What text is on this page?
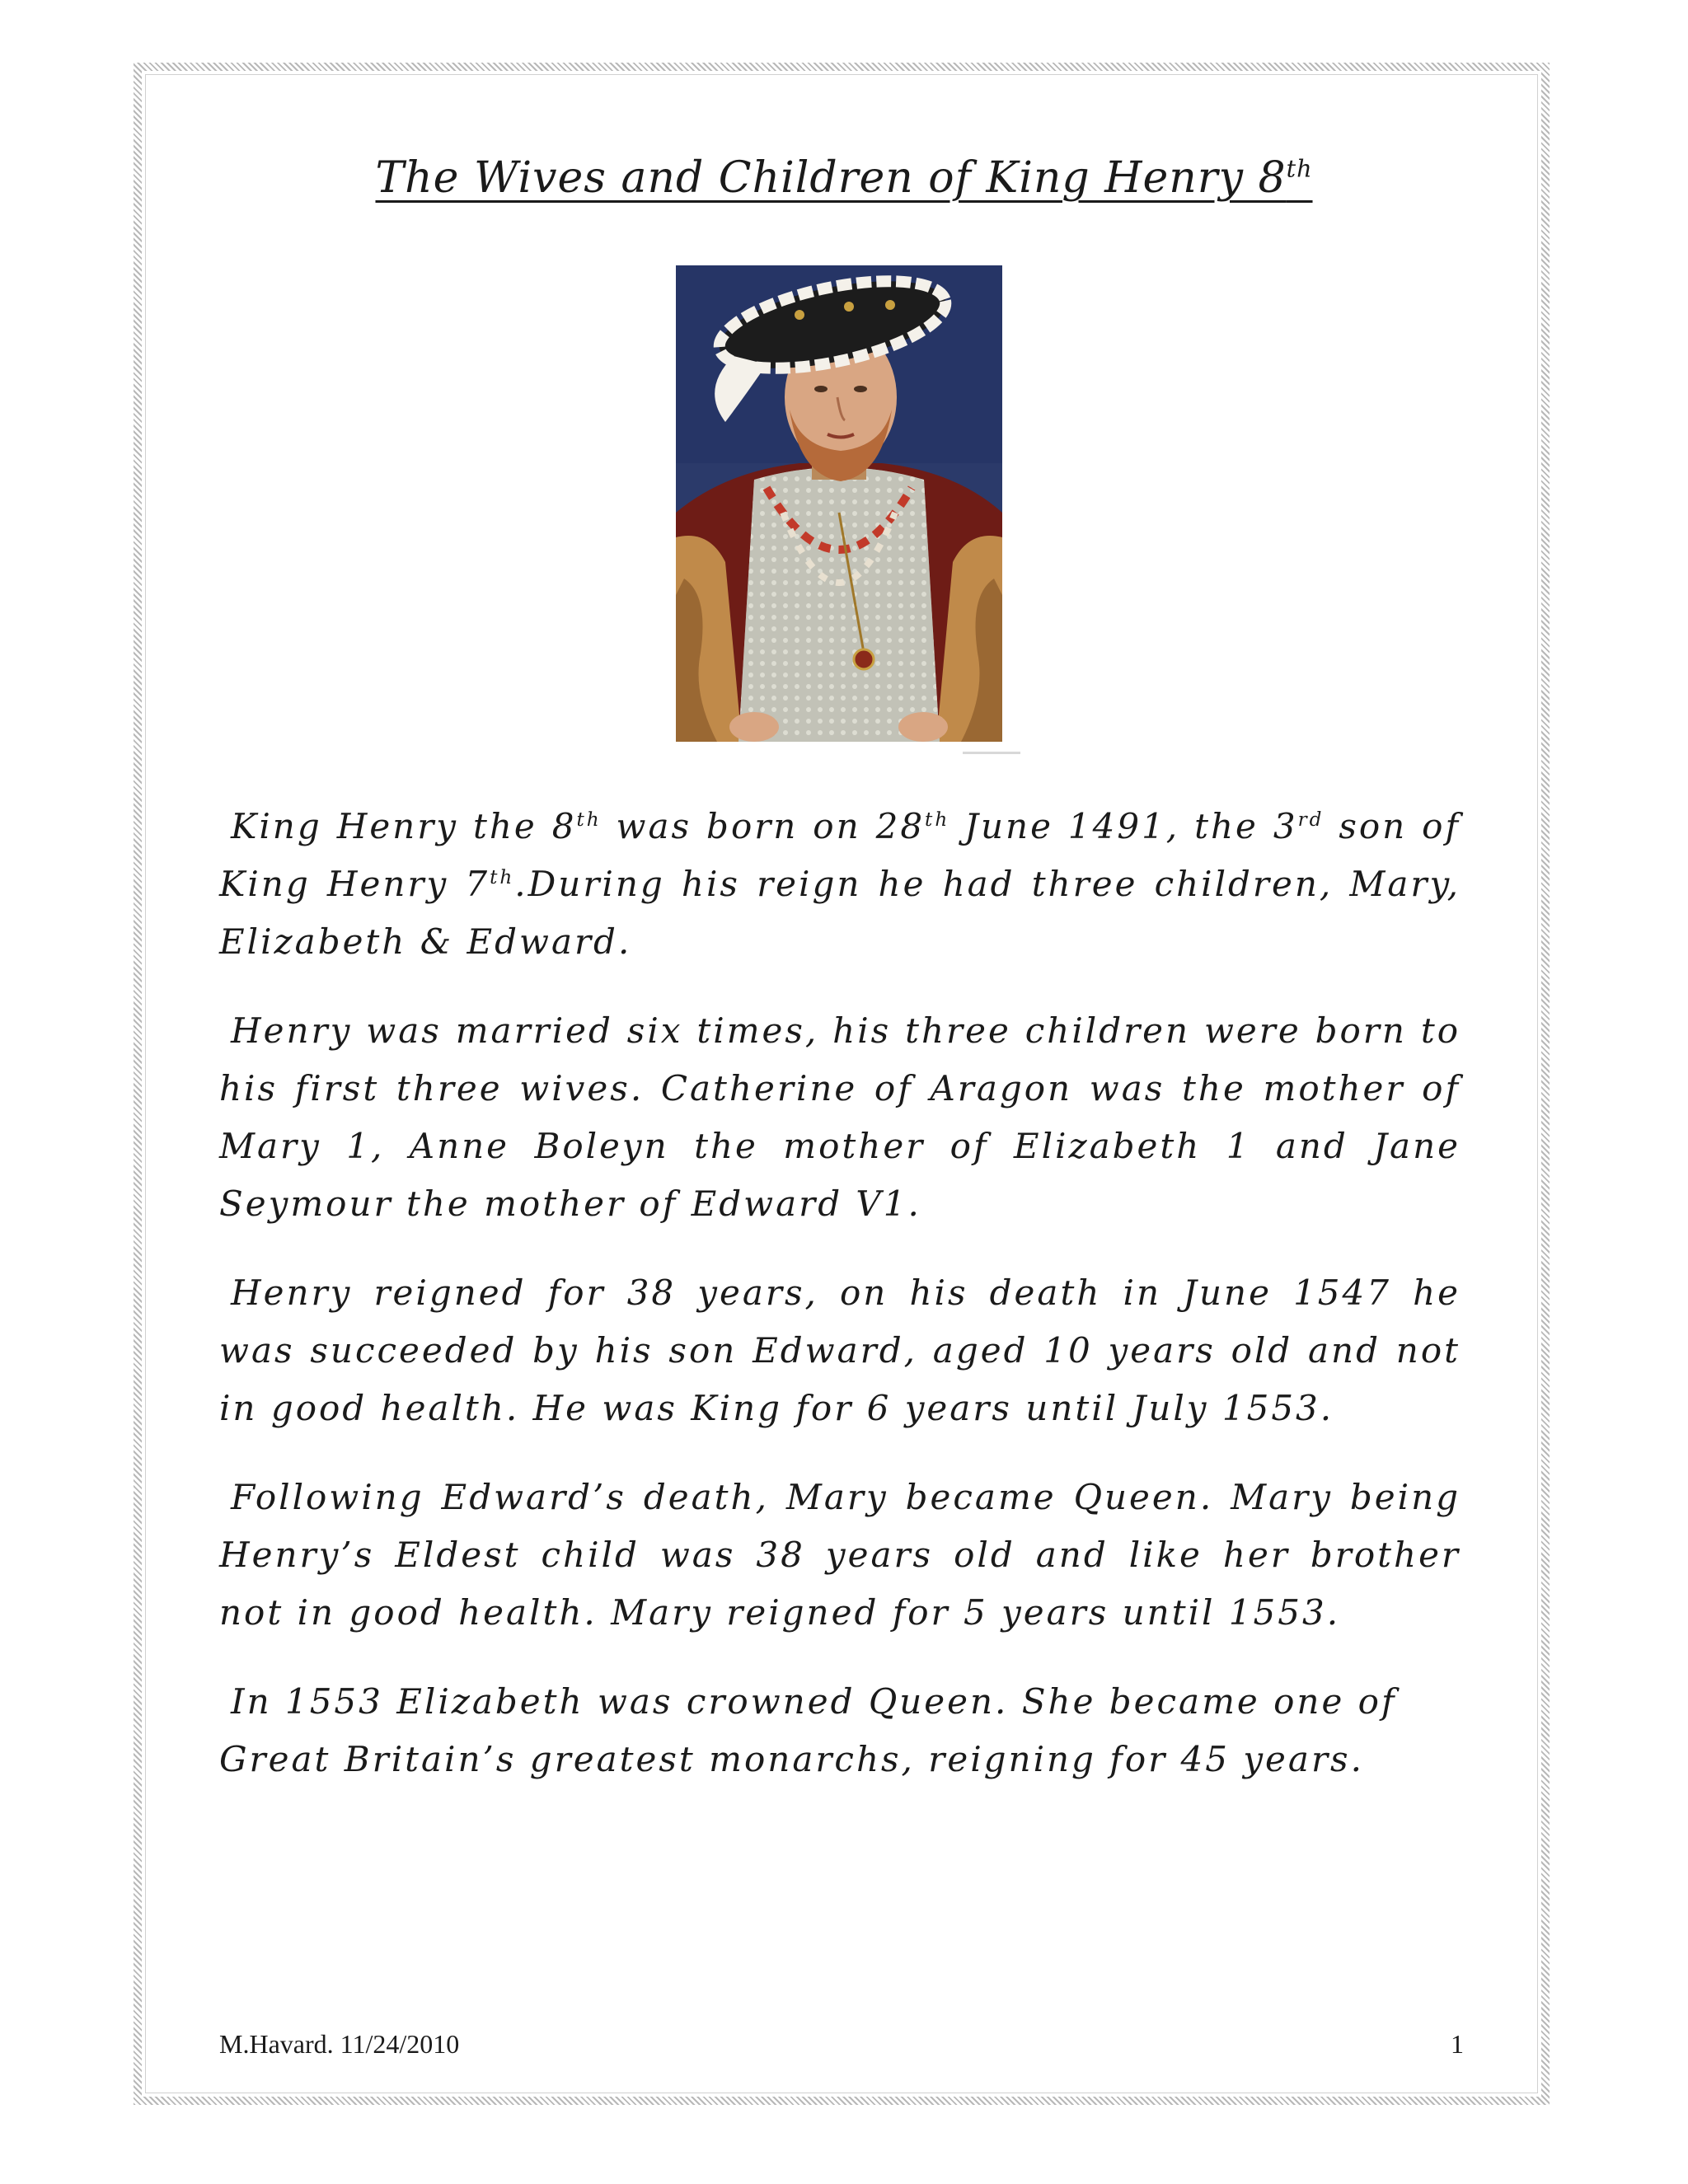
The Wives and Children of King Henry 8th

King Henry the 8th was born on 28th June 1491, the 3rd son of King Henry 7th.During his reign he had three children, Mary, Elizabeth & Edward.

Henry was married six times, his three children were born to his first three wives. Catherine of Aragon was the mother of Mary 1, Anne Boleyn the mother of Elizabeth 1 and Jane Seymour the mother of Edward V1.

Henry reigned for 38 years, on his death in June 1547 he was succeeded by his son Edward, aged 10 years old and not in good health. He was King for 6 years until July 1553.

Following Edward’s death, Mary became Queen. Mary being Henry’s Eldest child was 38 years old and like her brother not in good health. Mary reigned for 5 years until 1553.

In 1553 Elizabeth was crowned Queen. She became one of Great Britain’s greatest monarchs, reigning for 45 years.

M.Havard. 11/24/2010	1
